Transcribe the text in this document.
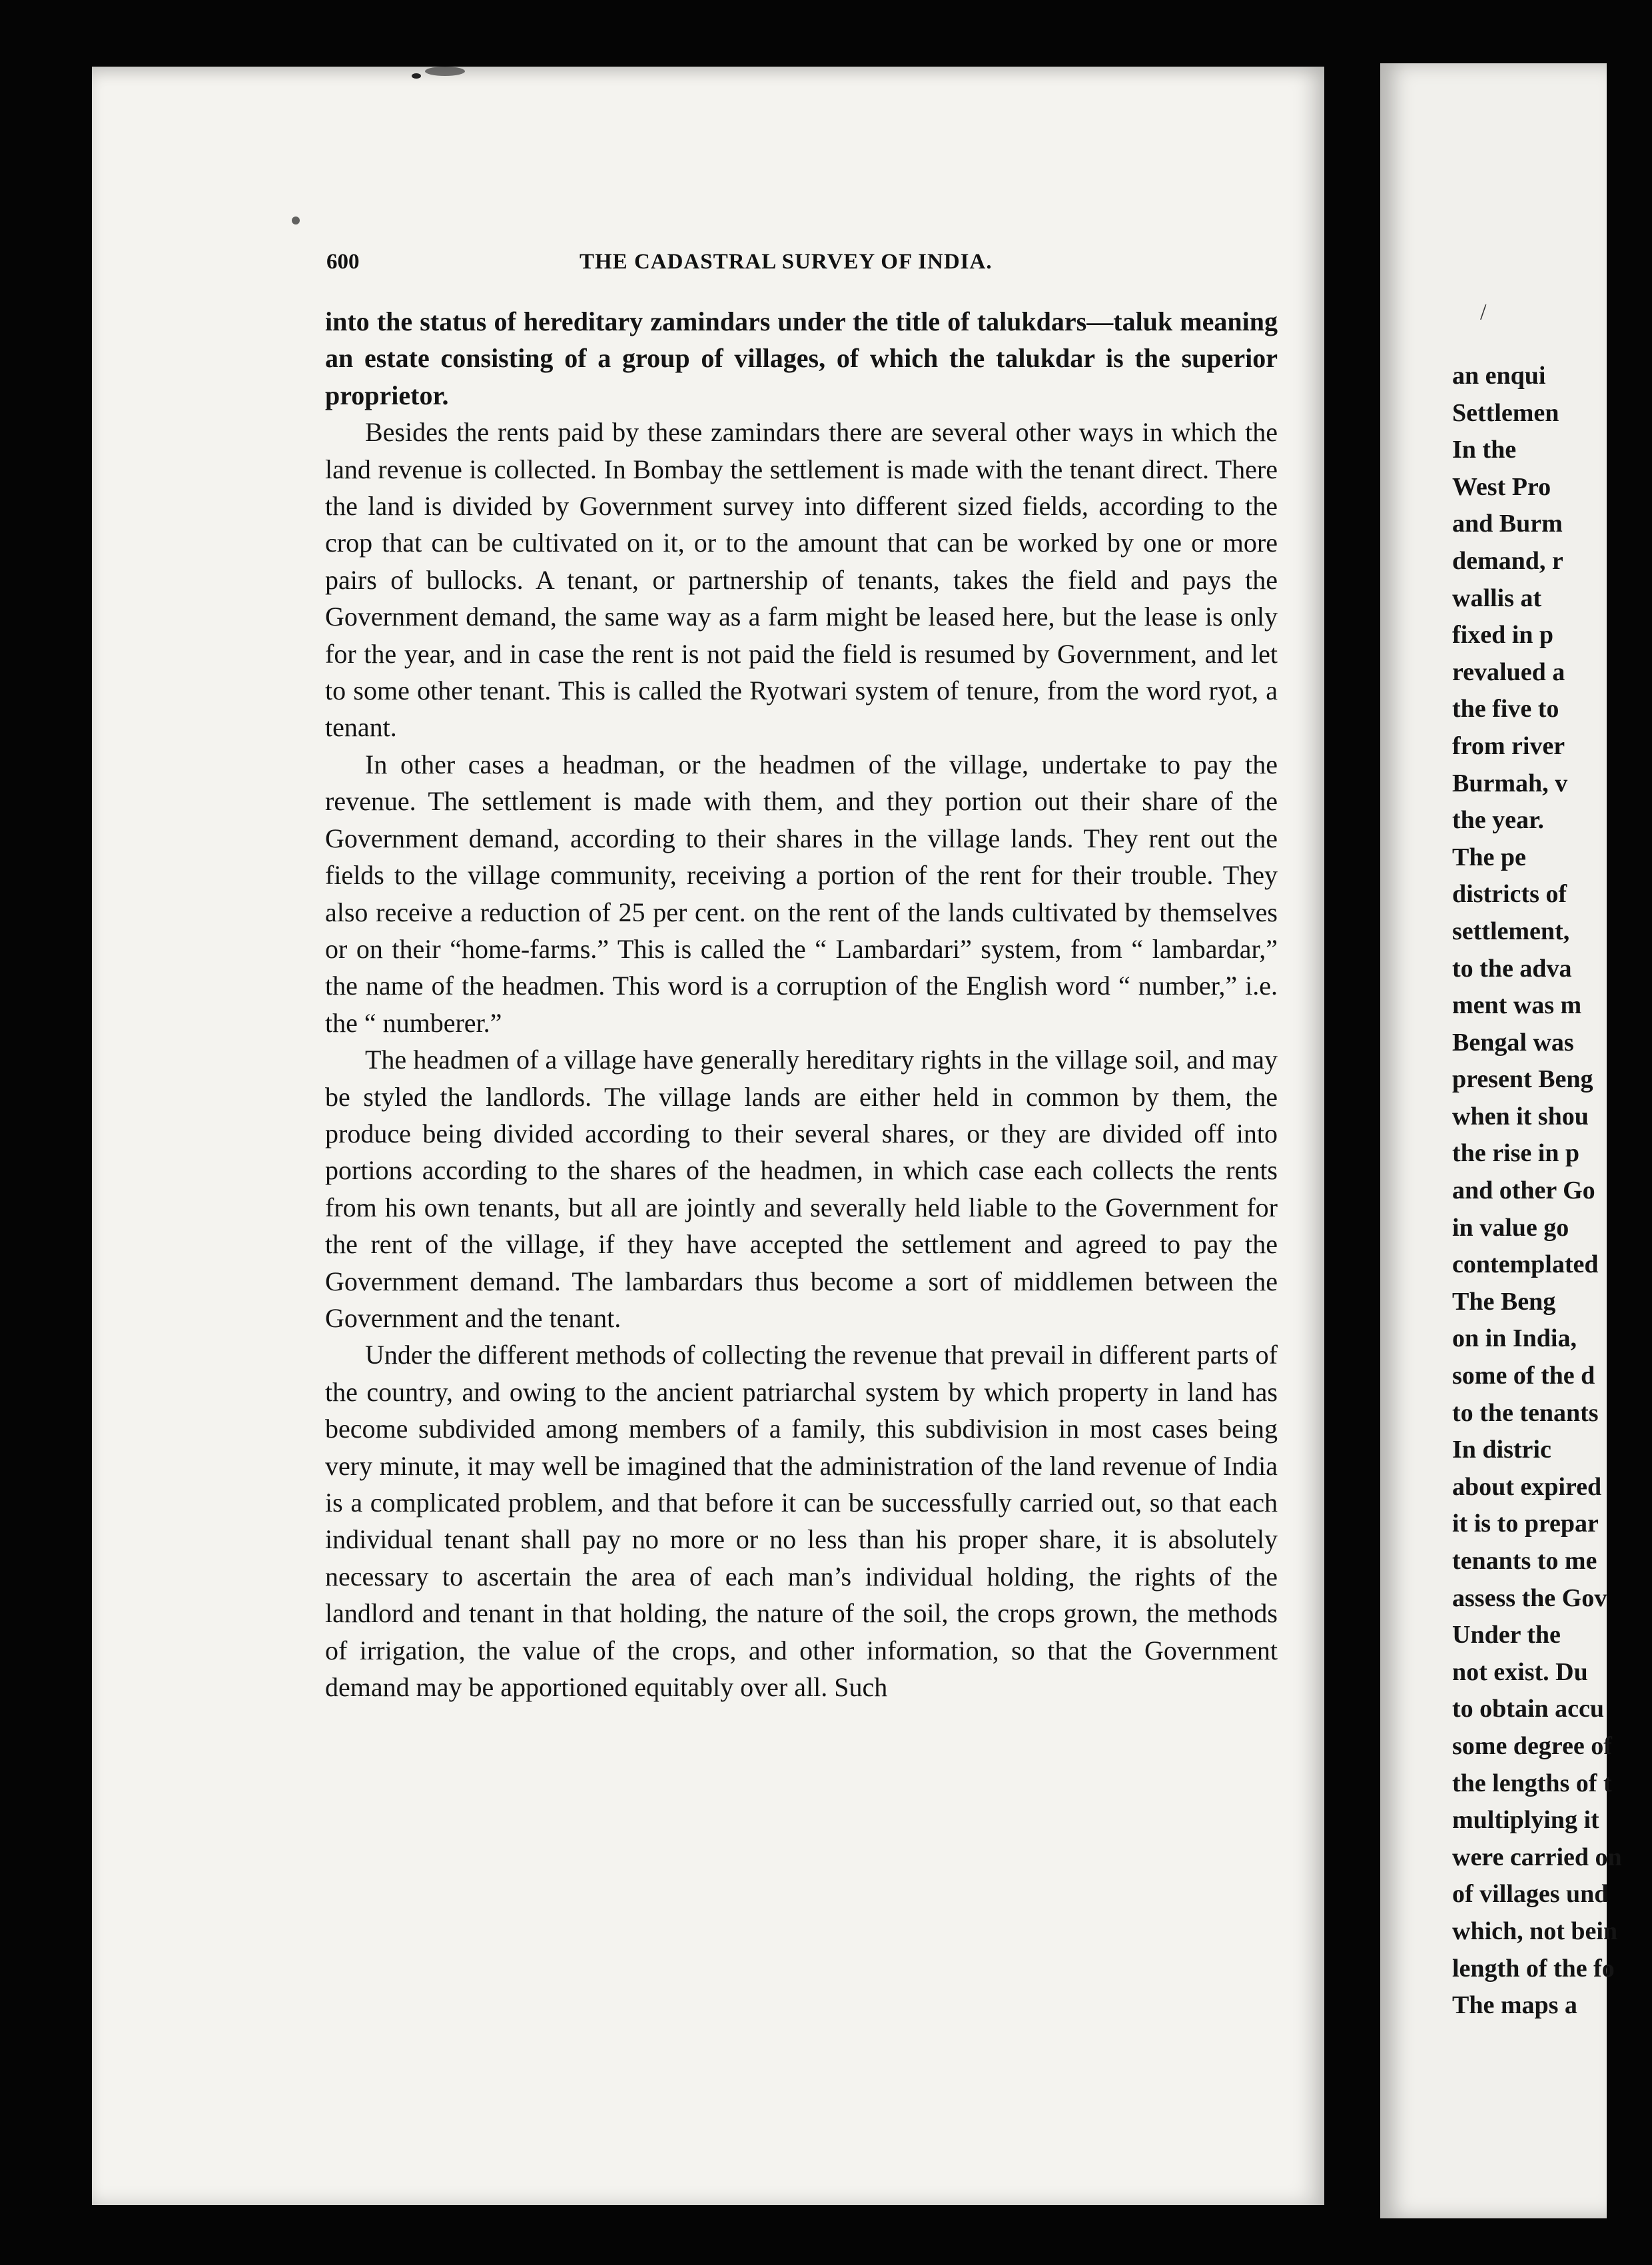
/
an enqui
Settlemen
In the
West Pro
and Burm
demand, r
wallis at
fixed in p
revalued a
the five to
from river
Burmah, v
the year.
The pe
districts of
settlement,
to the adva
ment was m
Bengal was
present Beng
when it shou
the rise in p
and other Go
in value go
contemplated
The Beng
on in India,
some of the d
to the tenants
In distric
about expired
it is to prepar
tenants to me
assess the Gov
Under the
not exist. Du
to obtain accu
some degree of
the lengths of t
multiplying it
were carried on
of villages und
which, not bein
length of the fo
The maps a
600	THE CADASTRAL SURVEY OF INDIA.

into the status of hereditary zamindars under the title of talukdars—taluk meaning an estate consisting of a group of villages, of which the talukdar is the superior proprietor.

Besides the rents paid by these zamindars there are several other ways in which the land revenue is collected. In Bombay the settlement is made with the tenant direct. There the land is divided by Government survey into different sized fields, according to the crop that can be cultivated on it, or to the amount that can be worked by one or more pairs of bullocks. A tenant, or partnership of tenants, takes the field and pays the Government demand, the same way as a farm might be leased here, but the lease is only for the year, and in case the rent is not paid the field is resumed by Government, and let to some other tenant. This is called the Ryotwari system of tenure, from the word ryot, a tenant.

In other cases a headman, or the headmen of the village, undertake to pay the revenue. The settlement is made with them, and they portion out their share of the Government demand, according to their shares in the village lands. They rent out the fields to the village community, receiving a portion of the rent for their trouble. They also receive a reduction of 25 per cent. on the rent of the lands cultivated by themselves or on their “home-farms.” This is called the “ Lambardari” system, from “ lambardar,” the name of the headmen. This word is a corruption of the English word “ number,” i.e. the “ numberer.”

The headmen of a village have generally hereditary rights in the village soil, and may be styled the landlords. The village lands are either held in common by them, the produce being divided according to their several shares, or they are divided off into portions according to the shares of the headmen, in which case each collects the rents from his own tenants, but all are jointly and severally held liable to the Government for the rent of the village, if they have accepted the settlement and agreed to pay the Government demand. The lambardars thus become a sort of middlemen between the Government and the tenant.

Under the different methods of collecting the revenue that prevail in different parts of the country, and owing to the ancient patriarchal system by which property in land has become subdivided among members of a family, this subdivision in most cases being very minute, it may well be imagined that the administration of the land revenue of India is a complicated problem, and that before it can be successfully carried out, so that each individual tenant shall pay no more or no less than his proper share, it is absolutely necessary to ascertain the area of each man’s individual holding, the rights of the landlord and tenant in that holding, the nature of the soil, the crops grown, the methods of irrigation, the value of the crops, and other information, so that the Government demand may be apportioned equitably over all. Such
